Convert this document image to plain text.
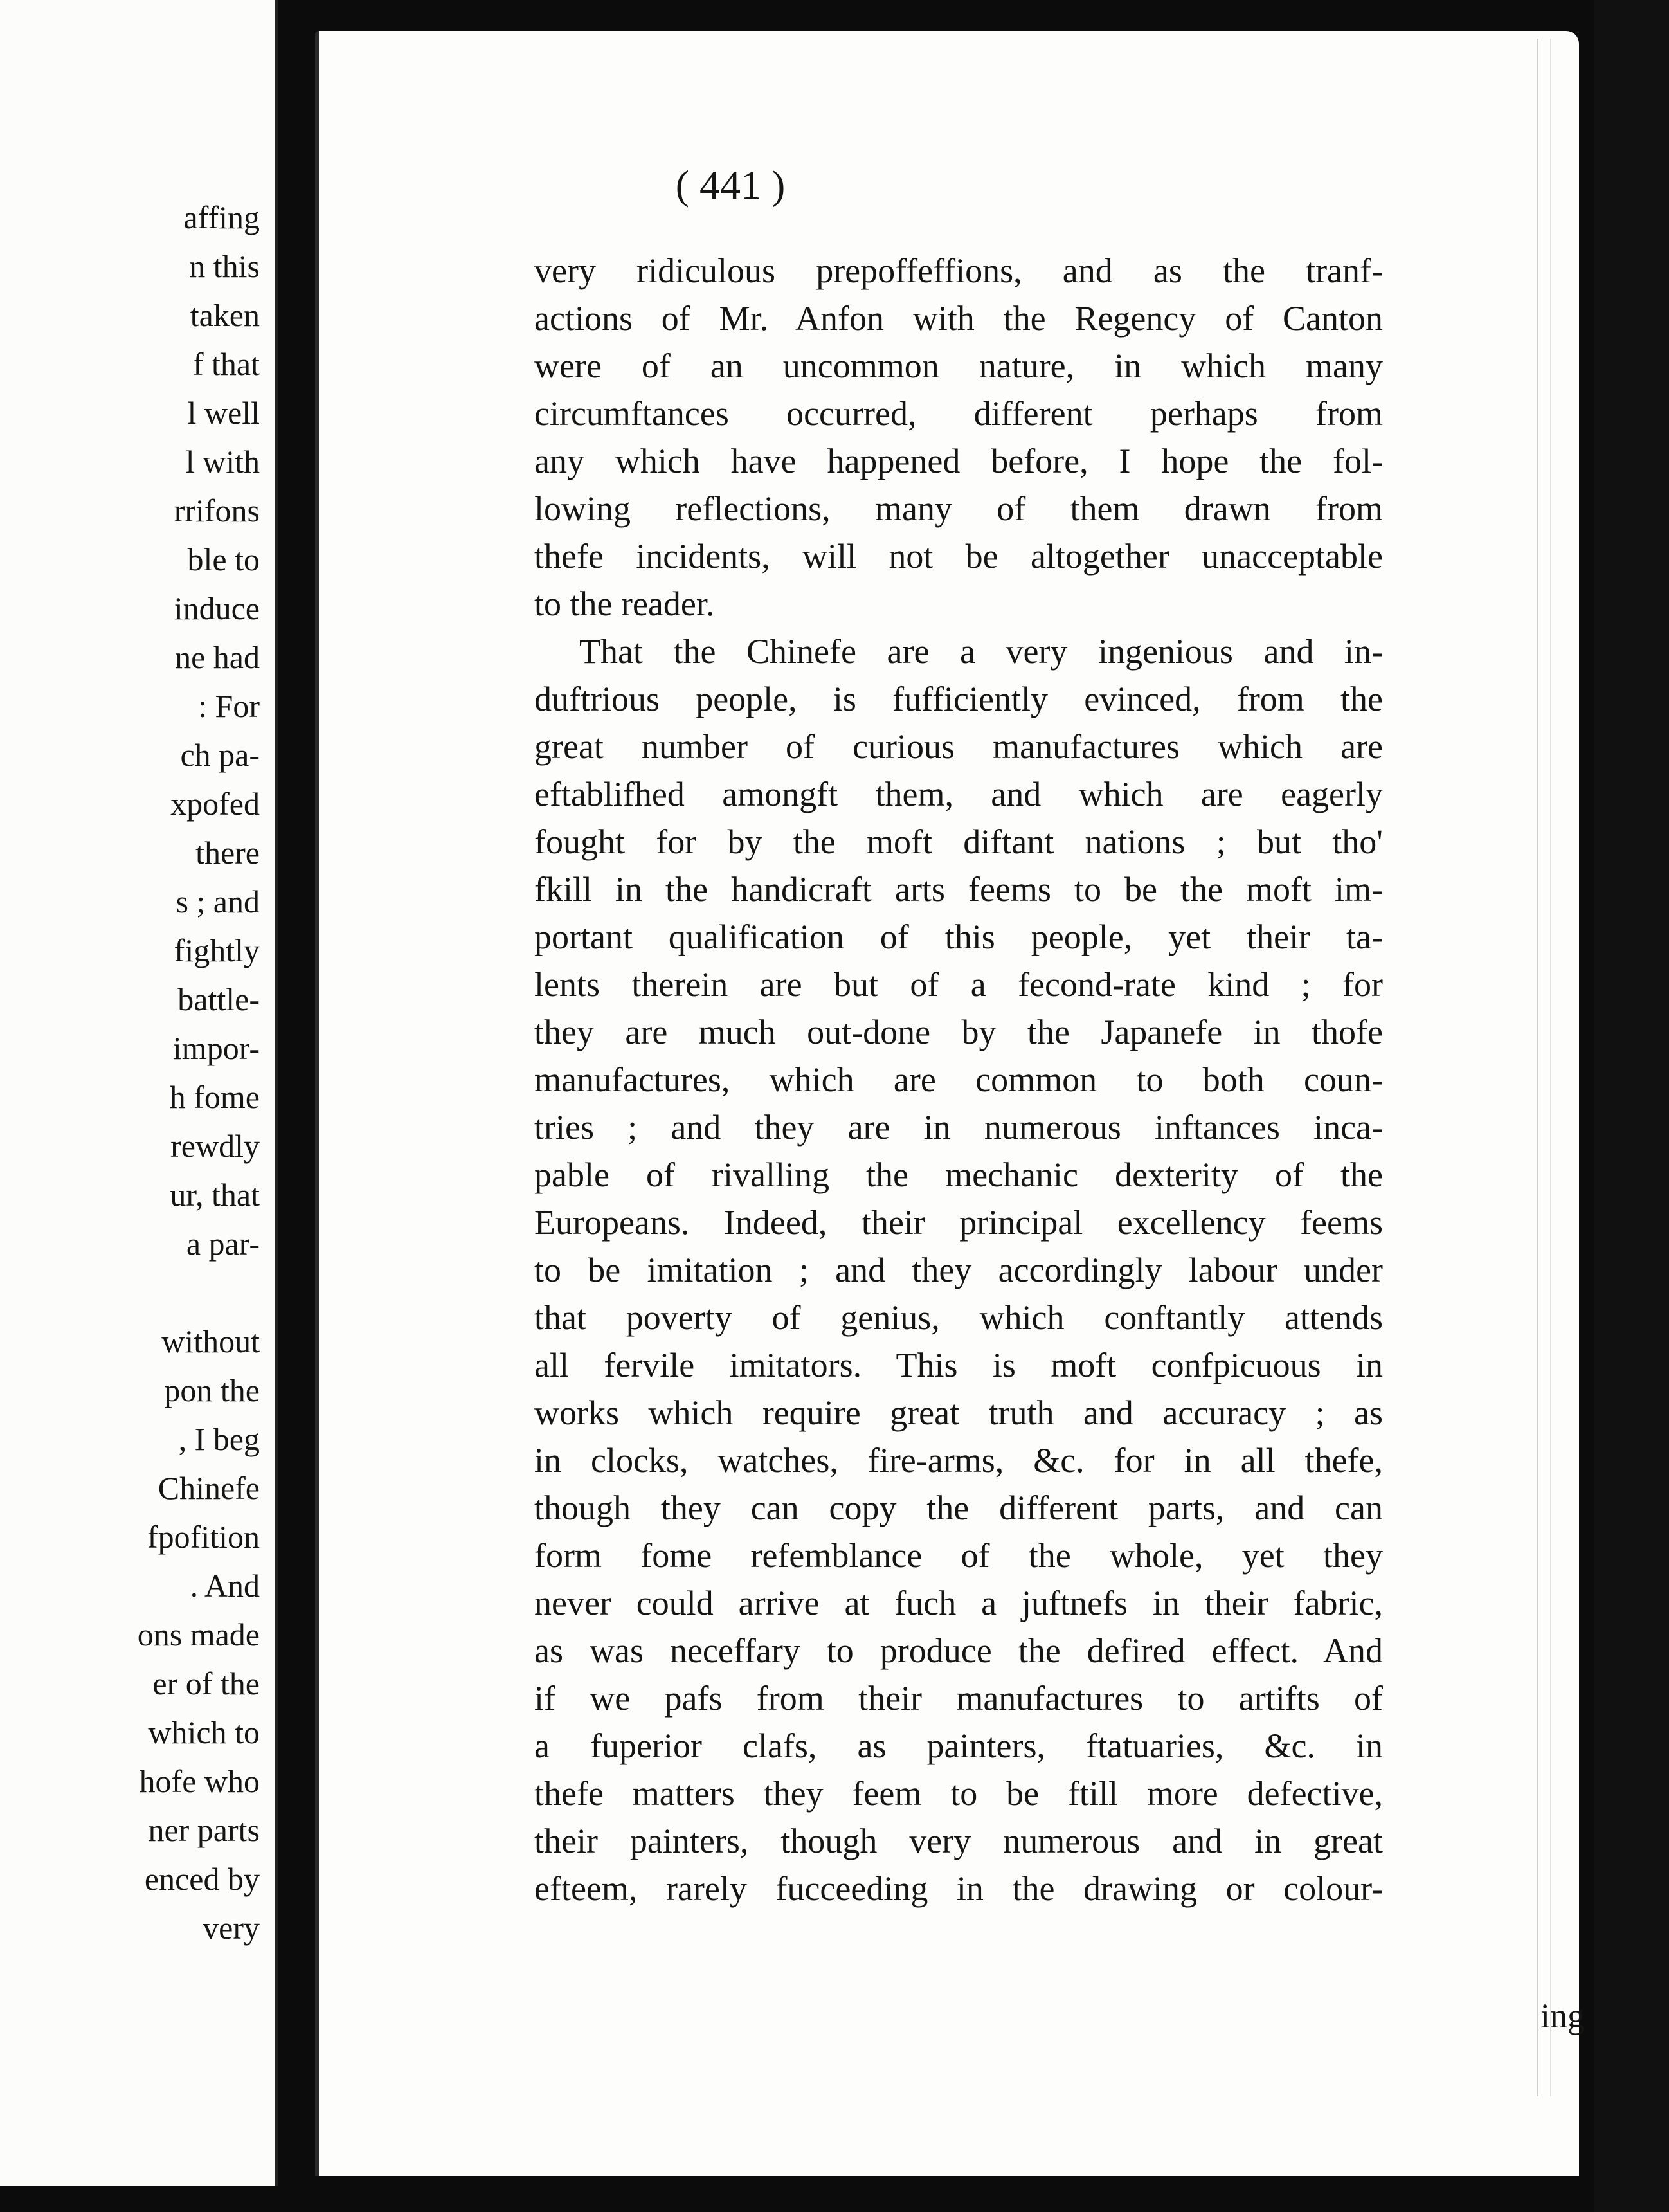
affing
n this
taken
f that
l well
l with
rrifons
ble to
induce
ne had
: For
ch pa-
xpofed
there
s ; and
fightly
battle-
impor-
h fome
rewdly
ur, that
a par-
without
pon the
, I beg
Chinefe
fpofition
. And
ons made
er of the
which to
hofe who
ner parts
enced by
very
( 441 )
very ridiculous prepoffeffions, and as the tranf-
actions of Mr. Anfon with the Regency of Canton
were of an uncommon nature, in which many
circumftances occurred, different perhaps from
any which have happened before, I hope the fol-
lowing reflections, many of them drawn from
thefe incidents, will not be altogether unacceptable
to the reader.
That the Chinefe are a very ingenious and in-
duftrious people, is fufficiently evinced, from the
great number of curious manufactures which are
eftablifhed amongft them, and which are eagerly
fought for by the moft diftant nations ; but tho'
fkill in the handicraft arts feems to be the moft im-
portant qualification of this people, yet their ta-
lents therein are but of a fecond-rate kind ; for
they are much out-done by the Japanefe in thofe
manufactures, which are common to both coun-
tries ; and they are in numerous inftances inca-
pable of rivalling the mechanic dexterity of the
Europeans. Indeed, their principal excellency feems
to be imitation ; and they accordingly labour under
that poverty of genius, which conftantly attends
all fervile imitators. This is moft confpicuous in
works which require great truth and accuracy ; as
in clocks, watches, fire-arms, &c. for in all thefe,
though they can copy the different parts, and can
form fome refemblance of the whole, yet they
never could arrive at fuch a juftnefs in their fabric,
as was neceffary to produce the defired effect. And
if we pafs from their manufactures to artifts of
a fuperior clafs, as painters, ftatuaries, &c. in
thefe matters they feem to be ftill more defective,
their painters, though very numerous and in great
efteem, rarely fucceeding in the drawing or colour-
ing
